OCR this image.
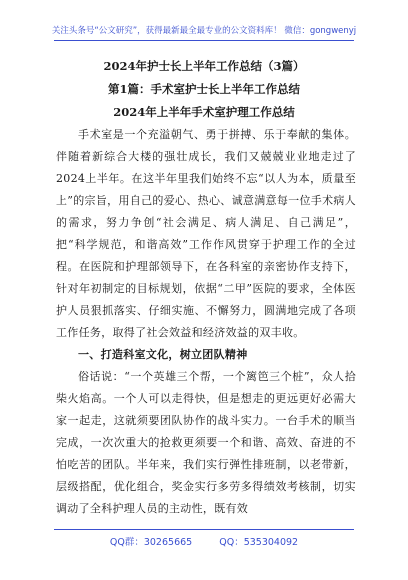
关注头条号“公文研究”，获得最新最全最专业的公文资料库！ 微信：gongwenyj
2024年护士长上半年工作总结（3篇）
第1篇：手术室护士长上半年工作总结
2024年上半年手术室护理工作总结

手术室是一个充溢朝气、勇于拼搏、乐于奉献的集体。伴随着新综合大楼的强壮成长，我们又兢兢业业地走过了2024上半年。在这半年里我们始终不忘“以人为本，质量至上”的宗旨，用自己的爱心、热心、诚意满意每一位手术病人的需求，努力争创“社会满足、病人满足、自己满足”，把“科学规范，和谐高效”工作作风贯穿于护理工作的全过程。在医院和护理部领导下，在各科室的亲密协作支持下，针对年初制定的目标规划，依据“二甲”医院的要求，全体医护人员狠抓落实、仔细实施、不懈努力，圆满地完成了各项工作任务，取得了社会效益和经济效益的双丰收。

一、打造科室文化，树立团队精神

俗话说：“一个英雄三个帮，一个篱笆三个桩”，众人拾柴火焰高。一个人可以走得快，但是想走的更远更好必需大家一起走，这就须要团队协作的战斗实力。一台手术的顺当完成，一次次重大的抢救更须要一个和谐、高效、奋进的不怕吃苦的团队。半年来，我们实行弹性排班制，以老带新，层级搭配，优化组合，奖金实行多劳多得绩效考核制，切实调动了全科护理人员的主动性，既有效

QQ群：30265665	QQ：535304092
